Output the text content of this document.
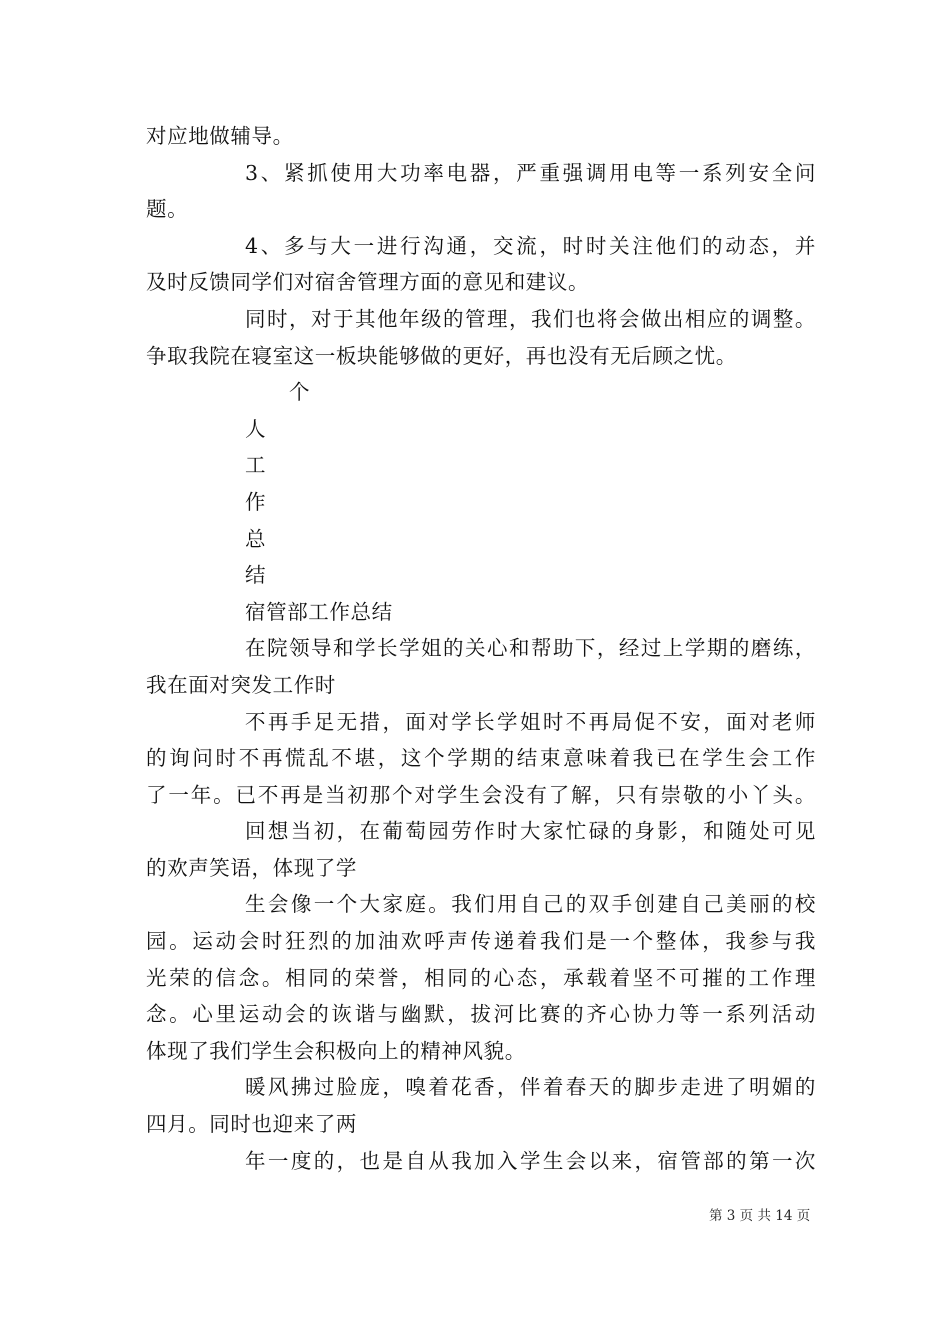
对应地做辅导。
3、紧抓使用大功率电器，严重强调用电等一系列安全问
题。
4、多与大一进行沟通，交流，时时关注他们的动态，并
及时反馈同学们对宿舍管理方面的意见和建议。
同时，对于其他年级的管理，我们也将会做出相应的调整。
争取我院在寝室这一板块能够做的更好，再也没有无后顾之忧。
个
人
工
作
总
结
宿管部工作总结
在院领导和学长学姐的关心和帮助下，经过上学期的磨练，
我在面对突发工作时
不再手足无措，面对学长学姐时不再局促不安，面对老师
的询问时不再慌乱不堪，这个学期的结束意味着我已在学生会工作
了一年。已不再是当初那个对学生会没有了解，只有崇敬的小丫头。
回想当初，在葡萄园劳作时大家忙碌的身影，和随处可见
的欢声笑语，体现了学
生会像一个大家庭。我们用自己的双手创建自己美丽的校
园。运动会时狂烈的加油欢呼声传递着我们是一个整体，我参与我
光荣的信念。相同的荣誉，相同的心态，承载着坚不可摧的工作理
念。心里运动会的诙谐与幽默，拔河比赛的齐心协力等一系列活动
体现了我们学生会积极向上的精神风貌。
暖风拂过脸庞，嗅着花香，伴着春天的脚步走进了明媚的
四月。同时也迎来了两
年一度的，也是自从我加入学生会以来，宿管部的第一次
第 3 页 共 14 页
